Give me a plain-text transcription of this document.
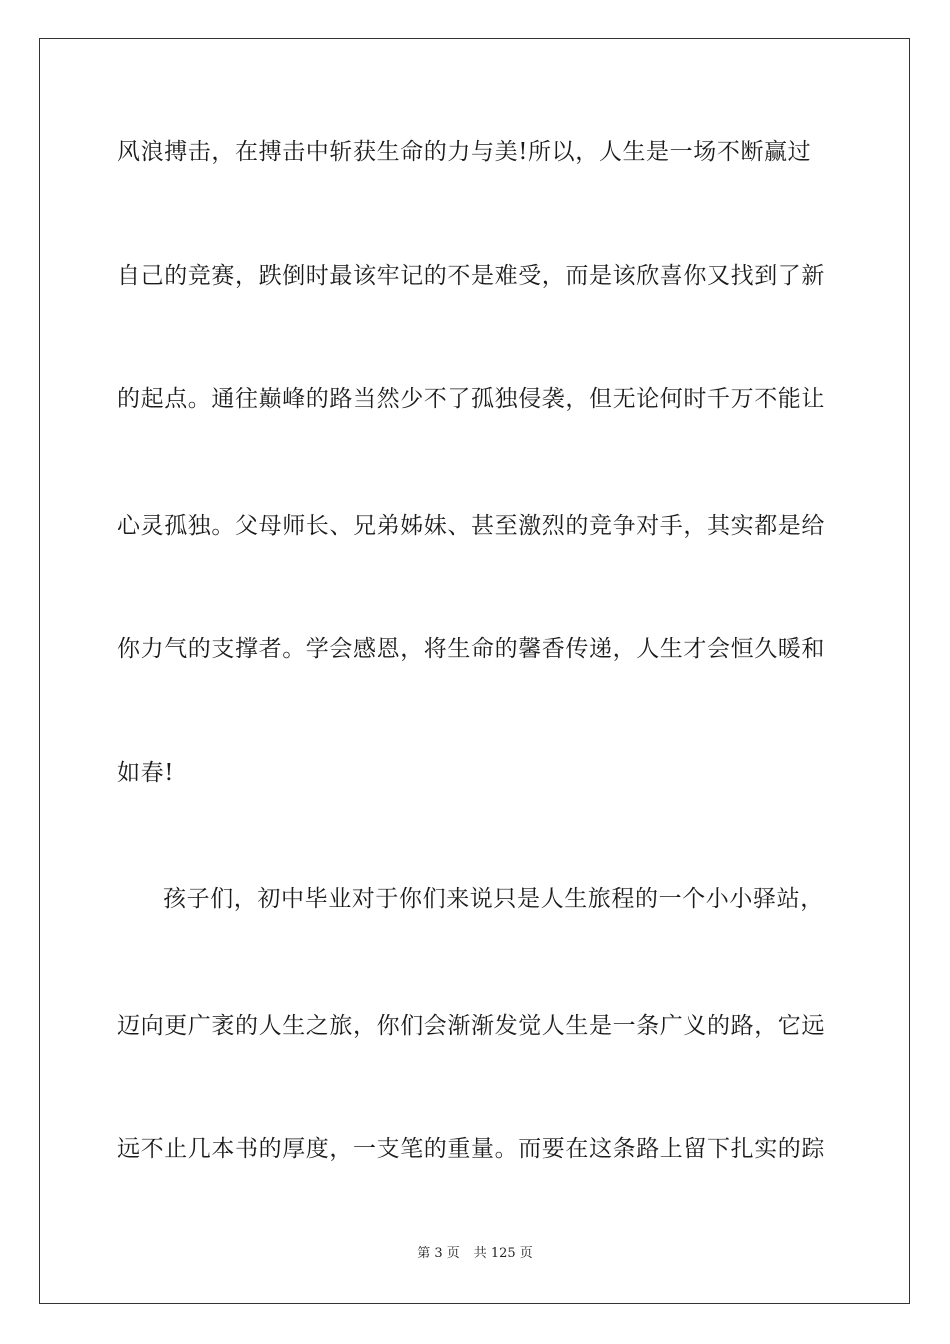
风浪搏击，在搏击中斩获生命的力与美!所以，人生是一场不断赢过
自己的竞赛，跌倒时最该牢记的不是难受，而是该欣喜你又找到了新
的起点。通往巅峰的路当然少不了孤独侵袭，但无论何时千万不能让
心灵孤独。父母师长、兄弟姊妹、甚至激烈的竞争对手，其实都是给
你力气的支撑者。学会感恩，将生命的馨香传递，人生才会恒久暖和
如春!
孩子们，初中毕业对于你们来说只是人生旅程的一个小小驿站，
迈向更广袤的人生之旅，你们会渐渐发觉人生是一条广义的路，它远
远不止几本书的厚度，一支笔的重量。而要在这条路上留下扎实的踪
第 3 页 共 125 页
